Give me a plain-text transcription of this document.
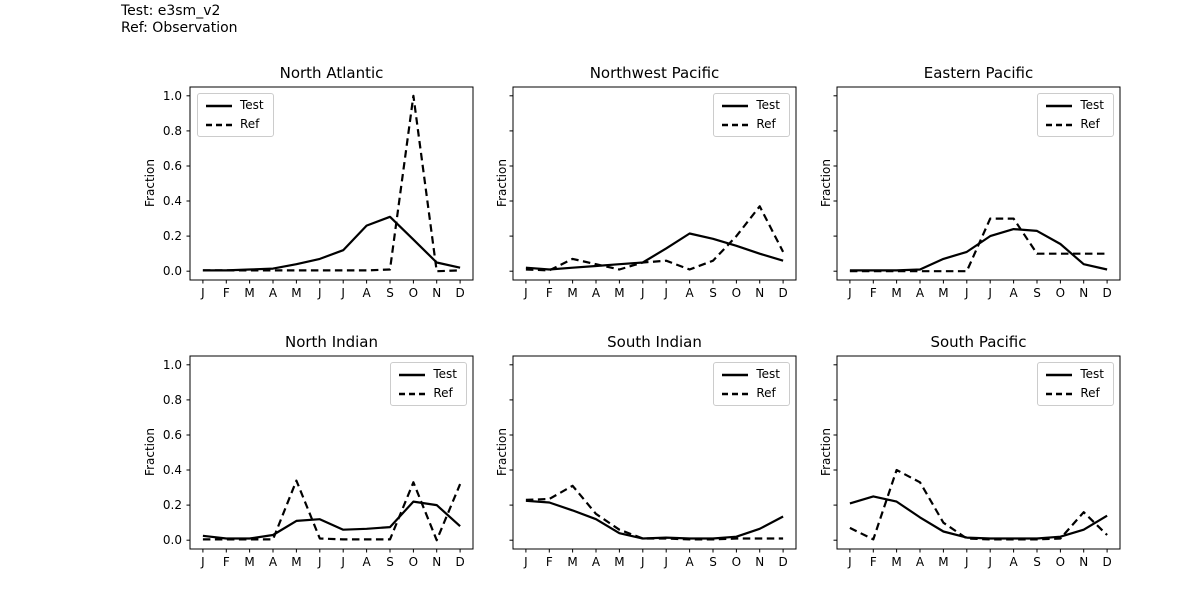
Test: e3sm_v2
Ref: Observation
North Atlantic
Fraction
0.0
0.2
0.4
0.6
0.8
1.0
J F M A M J J A S O N D
Test
Ref
Northwest Pacific
Fraction
J F M A M J J A S O N D
Test
Ref
Eastern Pacific
Fraction
J F M A M J J A S O N D
Test
Ref
North Indian
Fraction
0.0
0.2
0.4
0.6
0.8
1.0
J F M A M J J A S O N D
Test
Ref
South Indian
Fraction
J F M A M J J A S O N D
Test
Ref
South Pacific
Fraction
J F M A M J J A S O N D
Test
Ref
